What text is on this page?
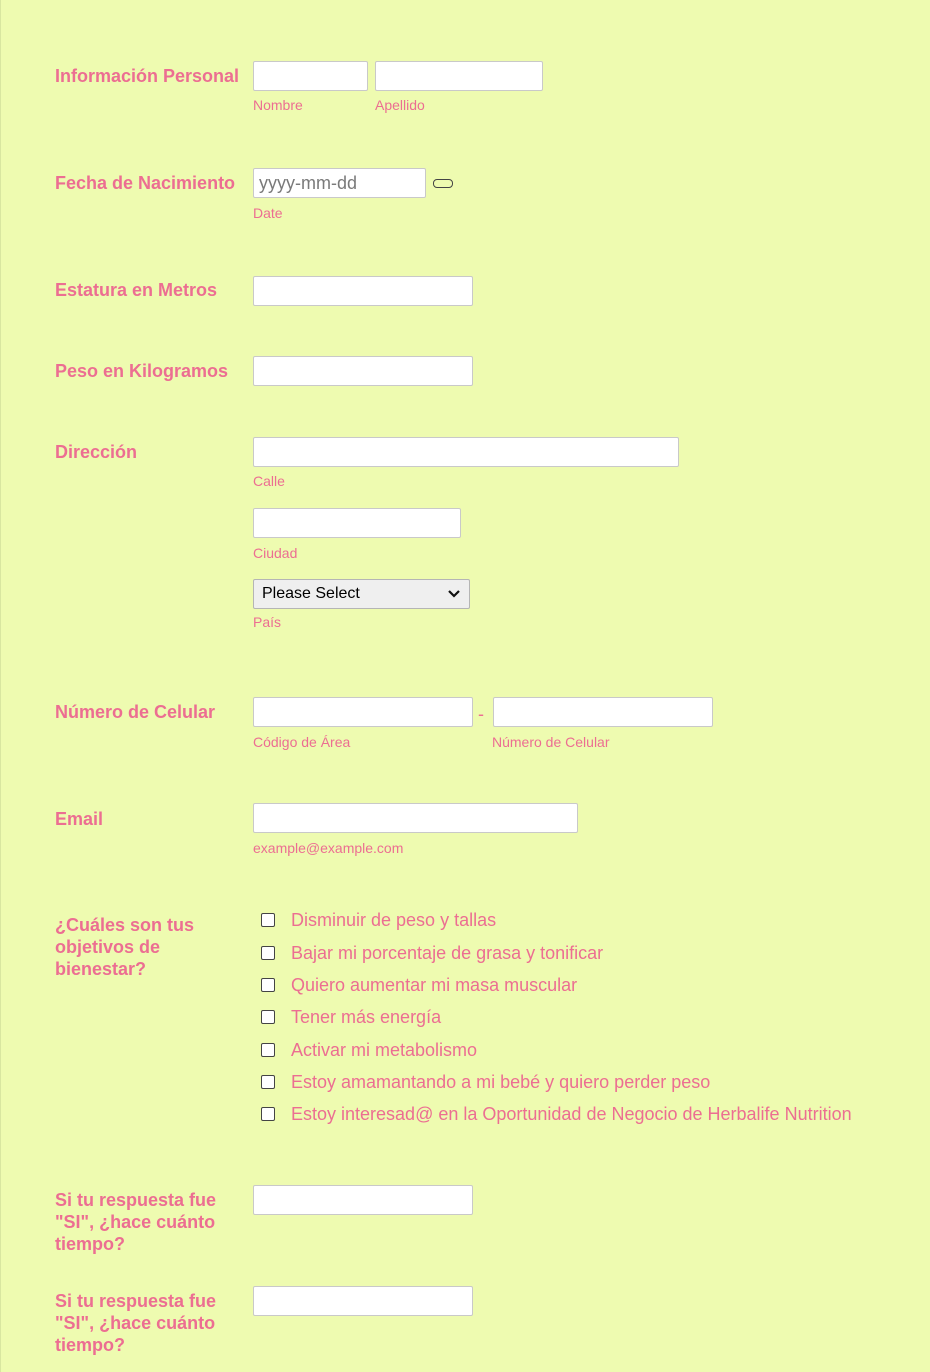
Información Personal
Nombre	Apellido
Fecha de Nacimiento
yyyy-mm-dd
Date
Estatura en Metros
Peso en Kilogramos
Dirección
Calle
Ciudad
Please Select
País
Número de Celular	-
Código de Área	Número de Celular
Email
example@example.com
¿Cuáles son tus objetivos de bienestar?
Disminuir de peso y tallas
Bajar mi porcentaje de grasa y tonificar
Quiero aumentar mi masa muscular
Tener más energía
Activar mi metabolismo
Estoy amamantando a mi bebé y quiero perder peso
Estoy interesad@ en la Oportunidad de Negocio de Herbalife Nutrition
Si tu respuesta fue "SI", ¿hace cuánto tiempo?
Si tu respuesta fue "SI", ¿hace cuánto tiempo?
